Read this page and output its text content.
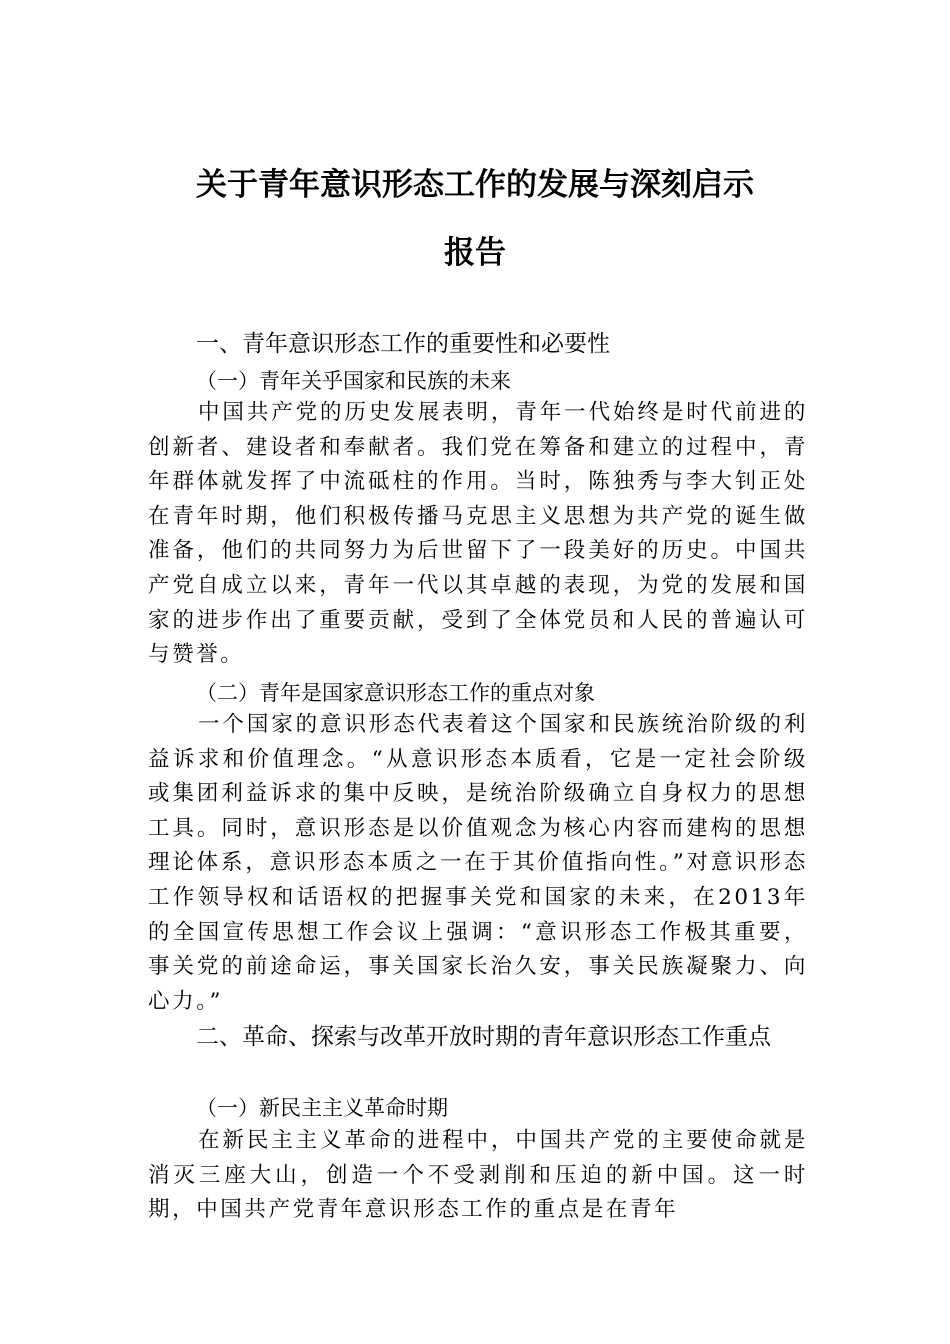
关于青年意识形态工作的发展与深刻启示
报告

一、青年意识形态工作的重要性和必要性

（一）青年关乎国家和民族的未来

中国共产党的历史发展表明，青年一代始终是时代前进的创新者、建设者和奉献者。我们党在筹备和建立的过程中，青年群体就发挥了中流砥柱的作用。当时，陈独秀与李大钊正处在青年时期，他们积极传播马克思主义思想为共产党的诞生做准备，他们的共同努力为后世留下了一段美好的历史。中国共产党自成立以来，青年一代以其卓越的表现，为党的发展和国家的进步作出了重要贡献，受到了全体党员和人民的普遍认可与赞誉。

（二）青年是国家意识形态工作的重点对象

一个国家的意识形态代表着这个国家和民族统治阶级的利益诉求和价值理念。“从意识形态本质看，它是一定社会阶级或集团利益诉求的集中反映，是统治阶级确立自身权力的思想工具。同时，意识形态是以价值观念为核心内容而建构的思想理论体系，意识形态本质之一在于其价值指向性。”对意识形态工作领导权和话语权的把握事关党和国家的未来，在2013年的全国宣传思想工作会议上强调：“意识形态工作极其重要，事关党的前途命运，事关国家长治久安，事关民族凝聚力、向心力。”

二、革命、探索与改革开放时期的青年意识形态工作重点

（一）新民主主义革命时期

在新民主主义革命的进程中，中国共产党的主要使命就是消灭三座大山，创造一个不受剥削和压迫的新中国。这一时期，中国共产党青年意识形态工作的重点是在青年
